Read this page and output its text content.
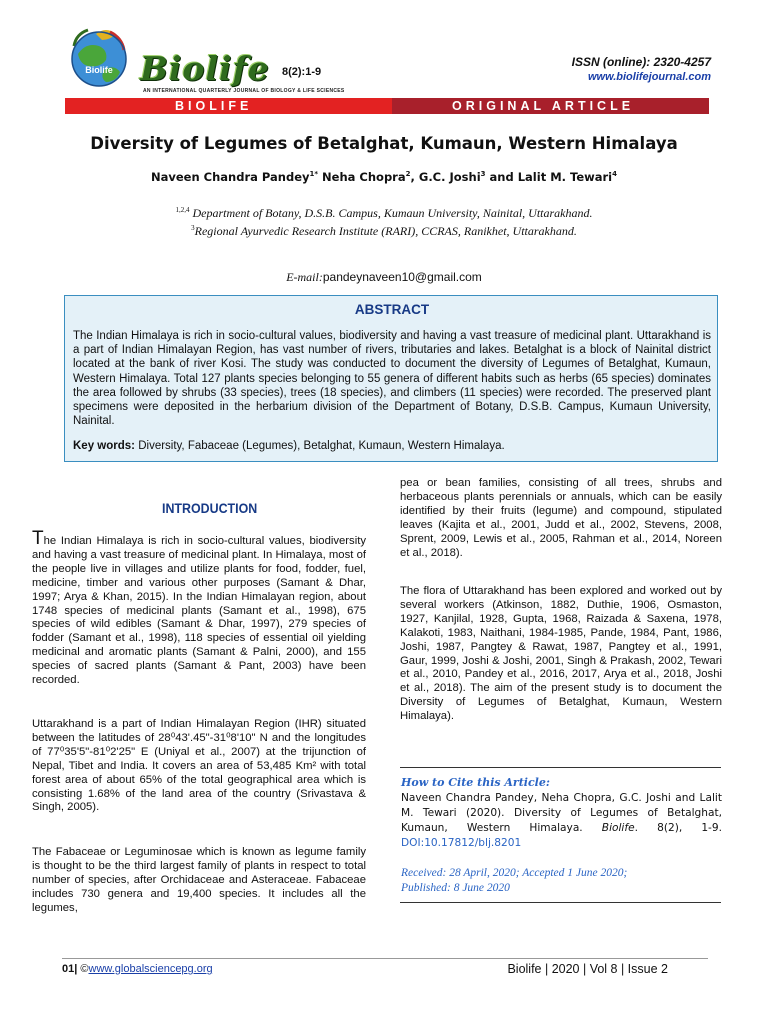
Biolife Biolife
AN INTERNATIONAL QUARTERLY JOURNAL OF BIOLOGY & LIFE SCIENCES
8(2):1-9
ISSN (online): 2320-4257
www.biolifejournal.com
BIOLIFE	ORIGINAL ARTICLE
Diversity of Legumes of Betalghat, Kumaun, Western Himalaya
Naveen Chandra Pandey$^{1*}$ Neha Chopra$^2$, G.C. Joshi$^3$ and Lalit M. Tewari$^4$
$^{1,2,4}$ Department of Botany, D.S.B. Campus, Kumaun University, Nainital, Uttarakhand.
$^3$Regional Ayurvedic Research Institute (RARI), CCRAS, Ranikhet, Uttarakhand.
E-mail:pandeynaveen10@gmail.com
ABSTRACT
The Indian Himalaya is rich in socio-cultural values, biodiversity and having a vast treasure of medicinal plant. Uttarakhand is a part of Indian Himalayan Region, has vast number of rivers, tributaries and lakes. Betalghat is a block of Nainital district located at the bank of river Kosi. The study was conducted to document the diversity of Legumes of Betalghat, Kumaun, Western Himalaya. Total 127 plants species belonging to 55 genera of different habits such as herbs (65 species) dominates the area followed by shrubs (33 species), trees (18 species), and climbers (11 species) were recorded. The preserved plant specimens were deposited in the herbarium division of the Department of Botany, D.S.B. Campus, Kumaun University, Nainital.
Key words: Diversity, Fabaceae (Legumes), Betalghat, Kumaun, Western Himalaya.
INTRODUCTION

The Indian Himalaya is rich in socio-cultural values, biodiversity and having a vast treasure of medicinal plant. In Himalaya, most of the people live in villages and utilize plants for food, fodder, fuel, medicine, timber and various other purposes (Samant & Dhar, 1997; Arya & Khan, 2015). In the Indian Himalayan region, about 1748 species of medicinal plants (Samant et al., 1998), 675 species of wild edibles (Samant & Dhar, 1997), 279 species of fodder (Samant et al., 1998), 118 species of essential oil yielding medicinal and aromatic plants (Samant & Palni, 2000), and 155 species of sacred plants (Samant & Pant, 2003) have been recorded.

Uttarakhand is a part of Indian Himalayan Region (IHR) situated between the latitudes of 28⁰43'.45"-31⁰8'10" N and the longitudes of 77⁰35'5"-81⁰2'25" E (Uniyal et al., 2007) at the trijunction of Nepal, Tibet and India. It covers an area of 53,485 Km² with total forest area of about 65% of the total geographical area which is consisting 1.68% of the land area of the country (Srivastava & Singh, 2005).

The Fabaceae or Leguminosae which is known as legume family is thought to be the third largest family of plants in respect to total number of species, after Orchidaceae and Asteraceae. Fabaceae includes 730 genera and 19,400 species. It includes all the legumes,

pea or bean families, consisting of all trees, shrubs and herbaceous plants perennials or annuals, which can be easily identified by their fruits (legume) and compound, stipulated leaves (Kajita et al., 2001, Judd et al., 2002, Stevens, 2008, Sprent, 2009, Lewis et al., 2005, Rahman et al., 2014, Noreen et al., 2018).

The flora of Uttarakhand has been explored and worked out by several workers (Atkinson, 1882, Duthie, 1906, Osmaston, 1927, Kanjilal, 1928, Gupta, 1968, Raizada & Saxena, 1978, Kalakoti, 1983, Naithani, 1984-1985, Pande, 1984, Pant, 1986, Joshi, 1987, Pangtey & Rawat, 1987, Pangtey et al., 1991, Gaur, 1999, Joshi & Joshi, 2001, Singh & Prakash, 2002, Tewari et al., 2010, Pandey et al., 2016, 2017, Arya et al., 2018, Joshi et al., 2018). The aim of the present study is to document the Diversity of Legumes of Betalghat, Kumaun, Western Himalaya).

How to Cite this Article:
Naveen Chandra Pandey, Neha Chopra, G.C. Joshi and Lalit M. Tewari (2020). Diversity of Legumes of Betalghat, Kumaun, Western Himalaya. Biolife. 8(2), 1-9. DOI:10.17812/blj.8201
Received: 28 April, 2020; Accepted 1 June 2020;
Published: 8 June 2020
01| ©www.globalsciencepg.org	Biolife | 2020 | Vol 8 | Issue 2
